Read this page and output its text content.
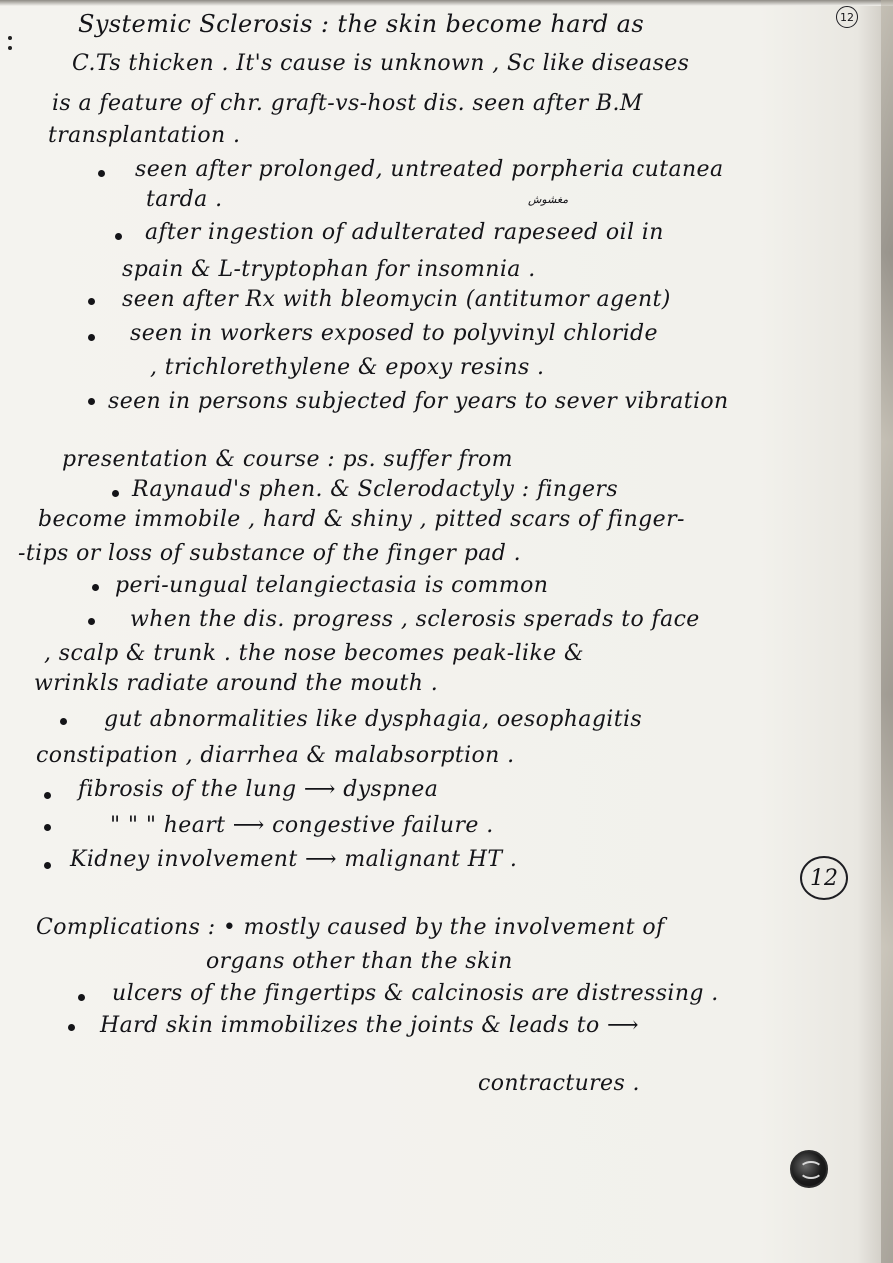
12
مغشوش
Systemic Sclerosis : the skin become hard as
C.Ts thicken . It's cause is unknown , Sc like diseases
is a feature of chr. graft-vs-host dis. seen after B.M
transplantation .
seen after prolonged, untreated porpheria cutanea
tarda .
after ingestion of adulterated rapeseed oil in
spain & L-tryptophan for insomnia .
seen after Rx with bleomycin (antitumor agent)
seen in workers exposed to polyvinyl chloride
, trichlorethylene & epoxy resins .
seen in persons subjected for years to sever vibration
presentation & course : ps. suffer from
Raynaud's phen. & Sclerodactyly : fingers
become immobile , hard & shiny , pitted scars of finger-
-tips or loss of substance of the finger pad .
peri-ungual telangiectasia is common
when the dis. progress , sclerosis sperads to face
, scalp & trunk . the nose becomes peak-like &
wrinkls radiate around the mouth .
gut abnormalities like dysphagia, oesophagitis
constipation , diarrhea & malabsorption .
fibrosis of the lung ⟶ dyspnea
" " " heart ⟶ congestive failure .
Kidney involvement ⟶ malignant HT .
12
Complications : • mostly caused by the involvement of
organs other than the skin
ulcers of the fingertips & calcinosis are distressing .
Hard skin immobilizes the joints & leads to ⟶
contractures .
